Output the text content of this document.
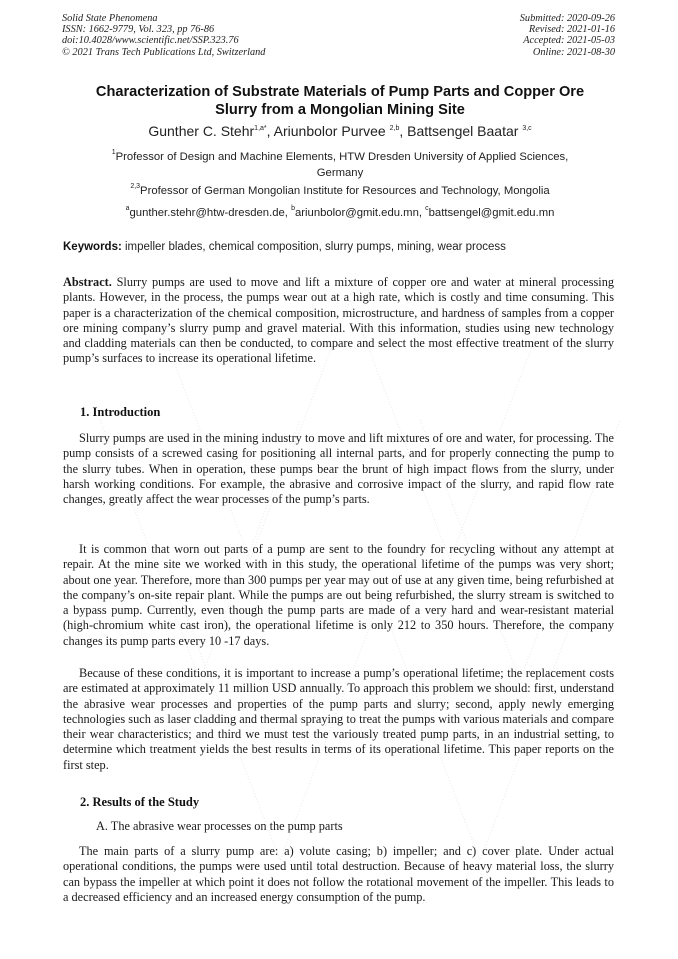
Solid State Phenomena
ISSN: 1662-9779, Vol. 323, pp 76-86
doi:10.4028/www.scientific.net/SSP.323.76
© 2021 Trans Tech Publications Ltd, Switzerland
Submitted: 2020-09-26
Revised: 2021-01-16
Accepted: 2021-05-03
Online: 2021-08-30
Characterization of Substrate Materials of Pump Parts and Copper Ore
Slurry from a Mongolian Mining Site
Gunther C. Stehr$^{1,a*}$, Ariunbolor Purvee $^{2,b}$, Battsengel Baatar $^{3,c}$
$^1$Professor of Design and Machine Elements, HTW Dresden University of Applied Sciences,
Germany
$^{2,3}$Professor of German Mongolian Institute for Resources and Technology, Mongolia
$^a$gunther.stehr@htw-dresden.de, $^b$ariunbolor@gmit.edu.mn, $^c$battsengel@gmit.edu.mn
Keywords: impeller blades, chemical composition, slurry pumps, mining, wear process
Abstract. Slurry pumps are used to move and lift a mixture of copper ore and water at mineral processing plants. However, in the process, the pumps wear out at a high rate, which is costly and time consuming. This paper is a characterization of the chemical composition, microstructure, and hardness of samples from a copper ore mining company’s slurry pump and gravel material. With this information, studies using new technology and cladding materials can then be conducted, to compare and select the most effective treatment of the slurry pump’s surfaces to increase its operational lifetime.
1. Introduction
Slurry pumps are used in the mining industry to move and lift mixtures of ore and water, for processing. The pump consists of a screwed casing for positioning all internal parts, and for properly connecting the pump to the slurry tubes. When in operation, these pumps bear the brunt of high impact flows from the slurry, under harsh working conditions. For example, the abrasive and corrosive impact of the slurry, and rapid flow rate changes, greatly affect the wear processes of the pump’s parts.
It is common that worn out parts of a pump are sent to the foundry for recycling without any attempt at repair. At the mine site we worked with in this study, the operational lifetime of the pumps was very short; about one year. Therefore, more than 300 pumps per year may out of use at any given time, being refurbished at the company’s on-site repair plant. While the pumps are out being refurbished, the slurry stream is switched to a bypass pump. Currently, even though the pump parts are made of a very hard and wear-resistant material (high-chromium white cast iron), the operational lifetime is only 212 to 350 hours. Therefore, the company changes its pump parts every 10 -17 days.
Because of these conditions, it is important to increase a pump’s operational lifetime; the replacement costs are estimated at approximately 11 million USD annually. To approach this problem we should: first, understand the abrasive wear processes and properties of the pump parts and slurry; second, apply newly emerging technologies such as laser cladding and thermal spraying to treat the pumps with various materials and compare their wear characteristics; and third we must test the variously treated pump parts, in an industrial setting, to determine which treatment yields the best results in terms of its operational lifetime. This paper reports on the first step.
2. Results of the Study
A. The abrasive wear processes on the pump parts
The main parts of a slurry pump are: a) volute casing; b) impeller; and c) cover plate. Under actual operational conditions, the pumps were used until total destruction. Because of heavy material loss, the slurry can bypass the impeller at which point it does not follow the rotational movement of the impeller. This leads to a decreased efficiency and an increased energy consumption of the pump.
